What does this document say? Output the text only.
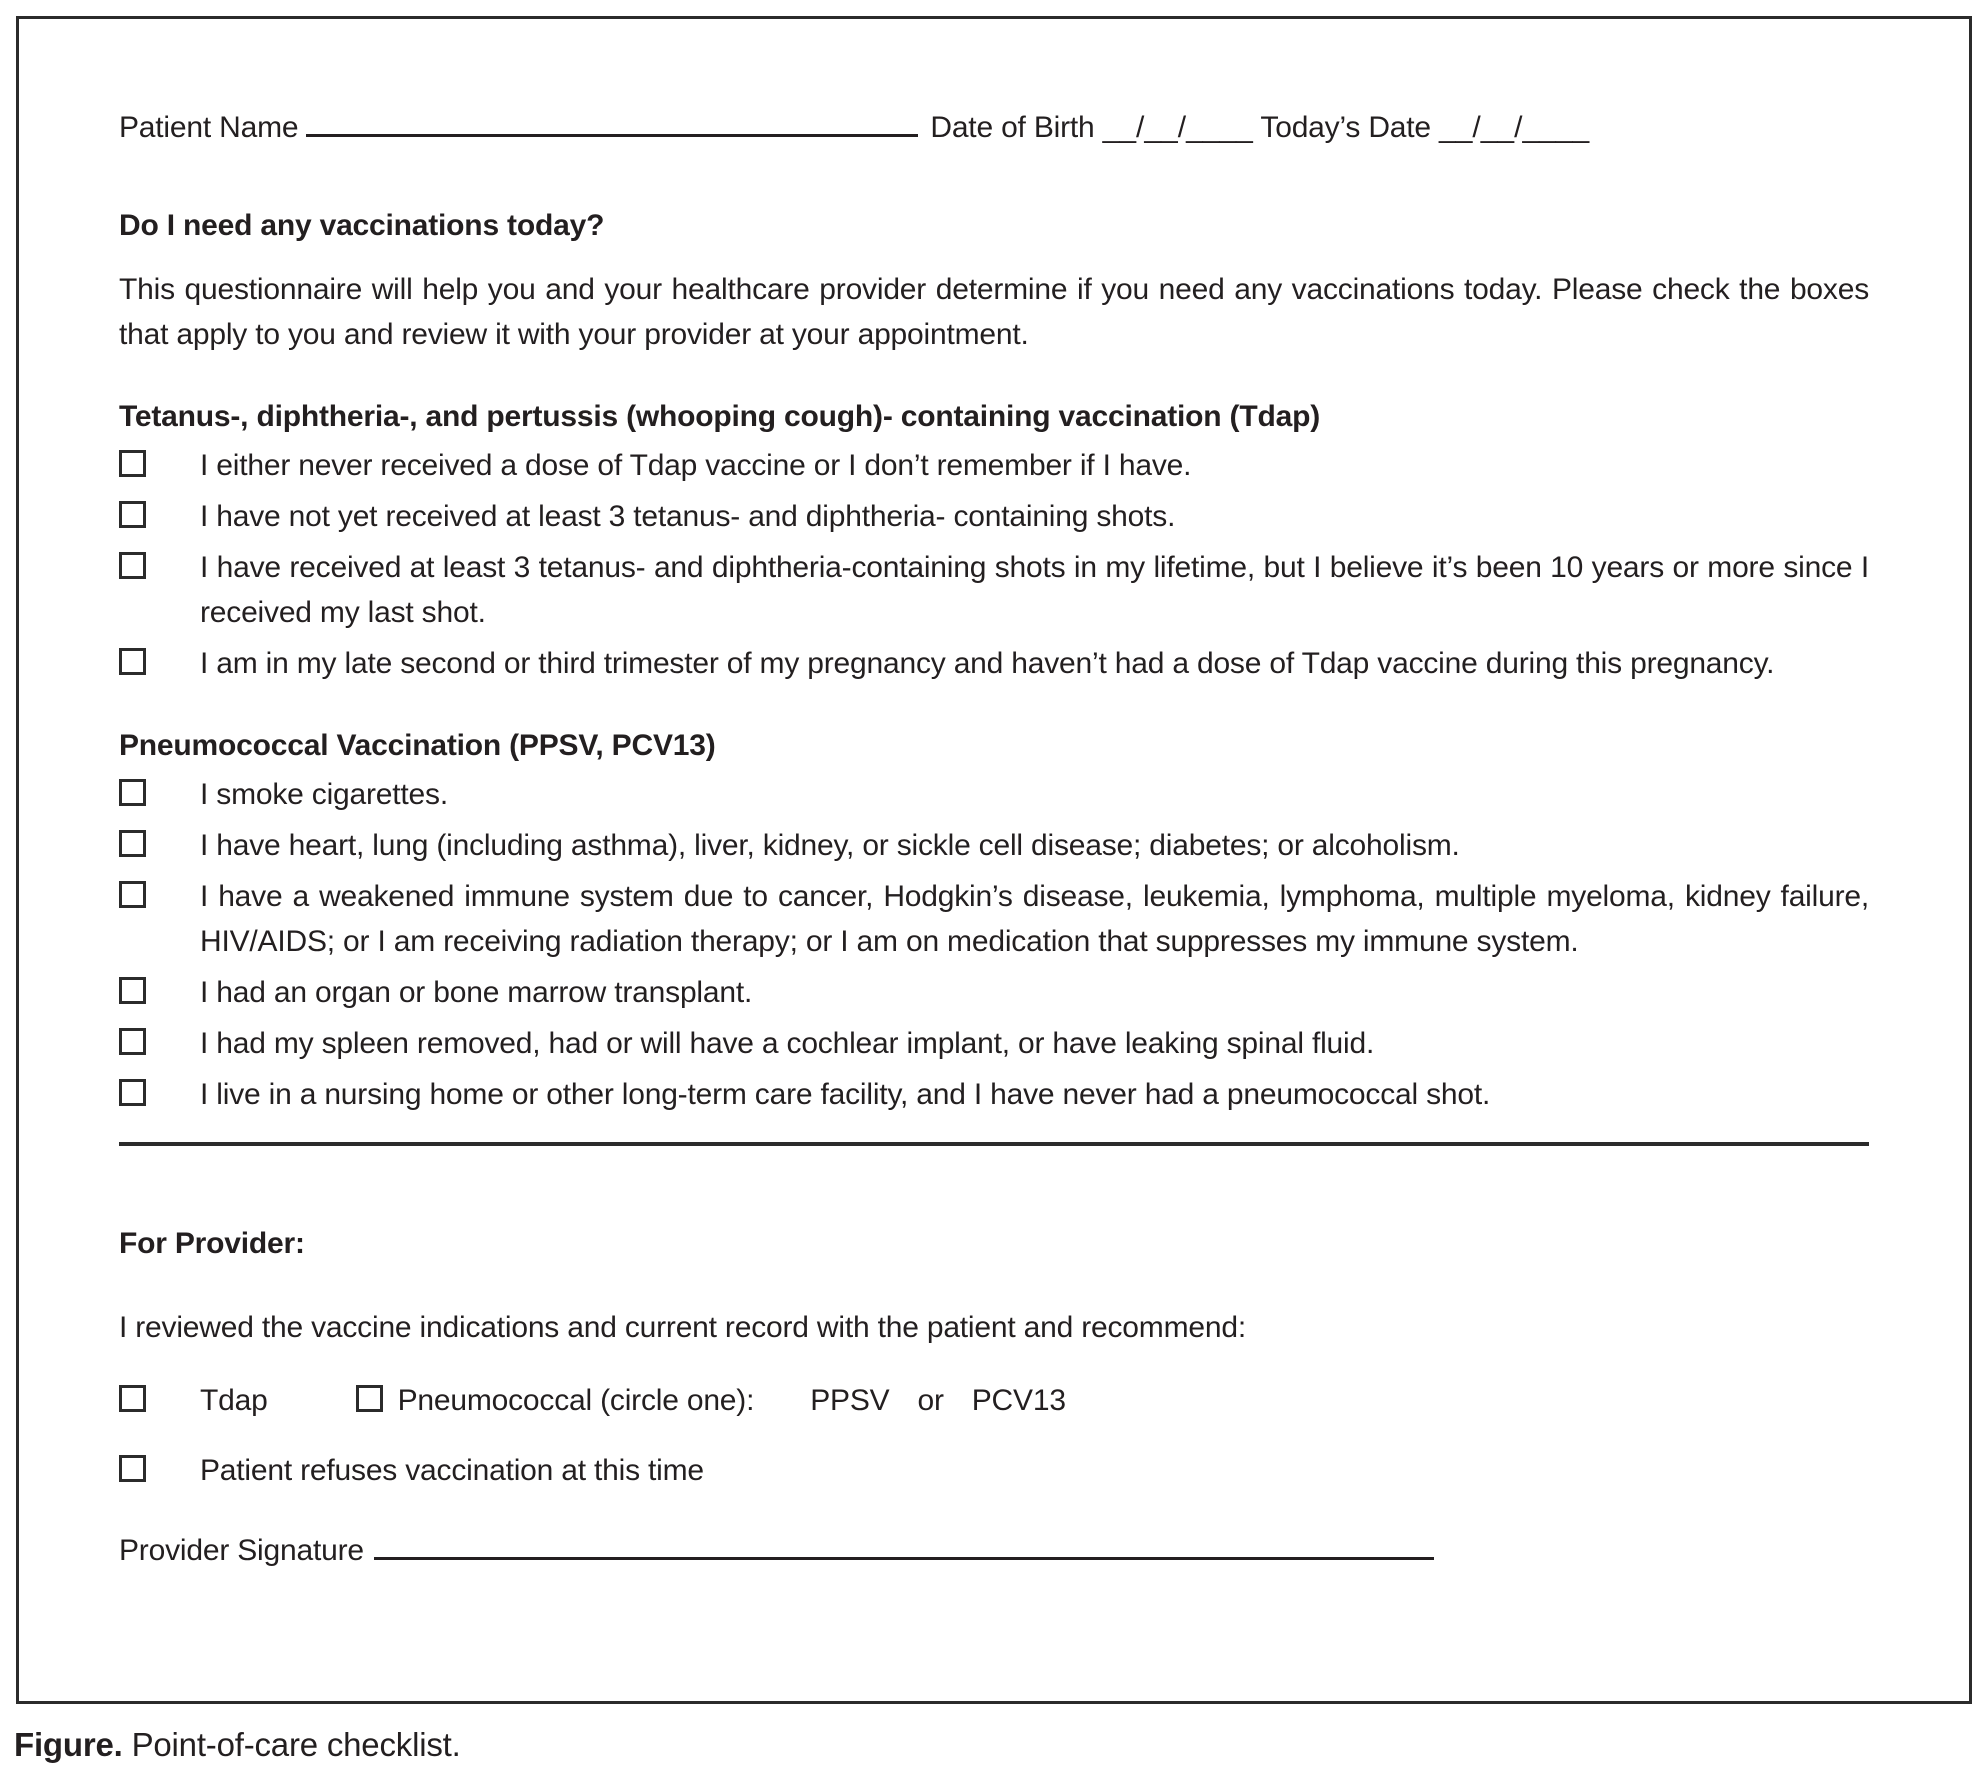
Patient Name	Date of Birth __/__/____ Today’s Date __/__/____
Do I need any vaccinations today?
This questionnaire will help you and your healthcare provider determine if you need any vaccinations today. Please check the boxes that apply to you and review it with your provider at your appointment.
Tetanus-, diphtheria-, and pertussis (whooping cough)- containing vaccination (Tdap)
I either never received a dose of Tdap vaccine or I don’t remember if I have.
I have not yet received at least 3 tetanus- and diphtheria- containing shots.
I have received at least 3 tetanus- and diphtheria-containing shots in my lifetime, but I believe it’s been 10 years or more since I received my last shot.
I am in my late second or third trimester of my pregnancy and haven’t had a dose of Tdap vaccine during this pregnancy.
Pneumococcal Vaccination (PPSV, PCV13)
I smoke cigarettes.
I have heart, lung (including asthma), liver, kidney, or sickle cell disease; diabetes; or alcoholism.
I have a weakened immune system due to cancer, Hodgkin’s disease, leukemia, lymphoma, multiple myeloma, kidney failure, HIV/AIDS; or I am receiving radiation therapy; or I am on medication that suppresses my immune system.
I had an organ or bone marrow transplant.
I had my spleen removed, had or will have a cochlear implant, or have leaking spinal fluid.
I live in a nursing home or other long-term care facility, and I have never had a pneumococcal shot.
For Provider:
I reviewed the vaccine indications and current record with the patient and recommend:
Tdap	Pneumococcal (circle one): PPSV or PCV13
Patient refuses vaccination at this time
Provider Signature
Figure. Point-of-care checklist.
